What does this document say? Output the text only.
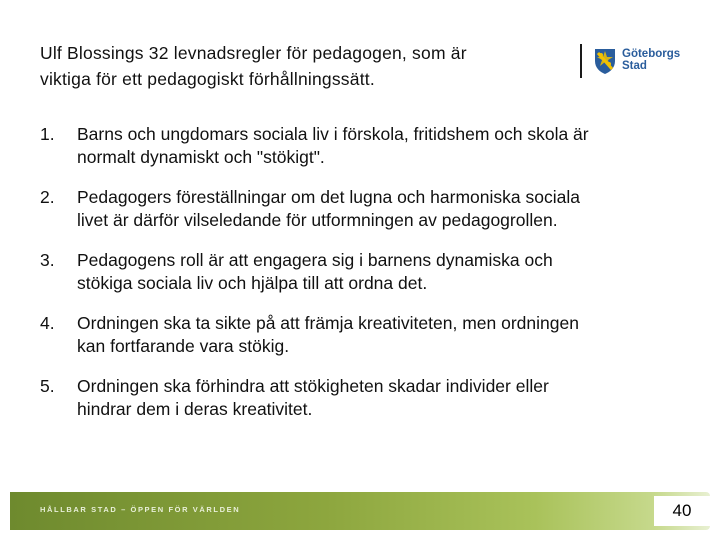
Ulf Blossings 32 levnadsregler för pedagogen, som är
viktiga för ett pedagogiskt förhållningssätt.
Göteborgs
Stad
1. Barns och ungdomars sociala liv i förskola, fritidshem och skola är
normalt dynamiskt och "stökigt".
2. Pedagogers föreställningar om det lugna och harmoniska sociala
livet är därför vilseledande för utformningen av pedagogrollen.
3. Pedagogens roll är att engagera sig i barnens dynamiska och
stökiga sociala liv och hjälpa till att ordna det.
4. Ordningen ska ta sikte på att främja kreativiteten, men ordningen
kan fortfarande vara stökig.
5. Ordningen ska förhindra att stökigheten skadar individer eller
hindrar dem i deras kreativitet.
HÅLLBAR STAD – ÖPPEN FÖR VÄRLDEN	40
